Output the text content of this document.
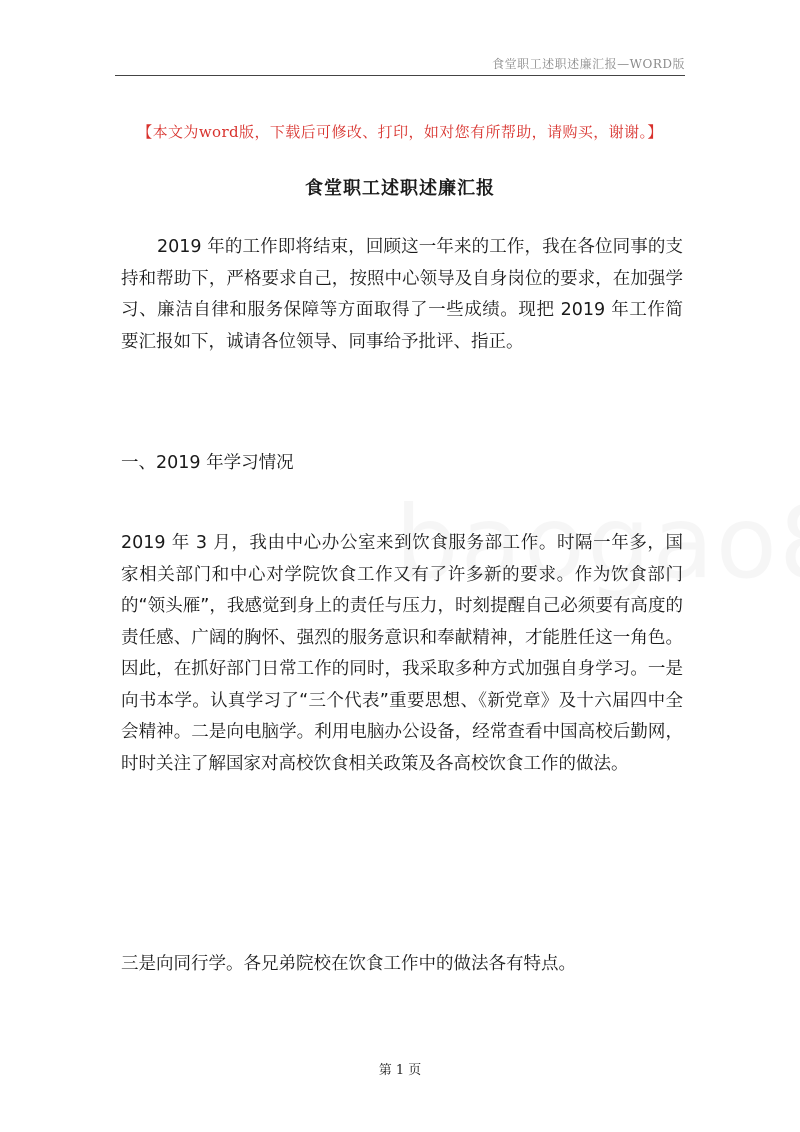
食堂职工述职述廉汇报—WORD版
【本文为word版，下载后可修改、打印，如对您有所帮助，请购买，谢谢。】
食堂职工述职述廉汇报

2019 年的工作即将结束，回顾这一年来的工作，我在各位同事的支持和帮助下，严格要求自己，按照中心领导及自身岗位的要求，在加强学习、廉洁自律和服务保障等方面取得了一些成绩。现把 2019 年工作简要汇报如下，诚请各位领导、同事给予批评、指正。

一、2019 年学习情况

2019 年 3 月，我由中心办公室来到饮食服务部工作。时隔一年多，国家相关部门和中心对学院饮食工作又有了许多新的要求。作为饮食部门的“领头雁”，我感觉到身上的责任与压力，时刻提醒自己必须要有高度的责任感、广阔的胸怀、强烈的服务意识和奉献精神，才能胜任这一角色。因此，在抓好部门日常工作的同时，我采取多种方式加强自身学习。一是向书本学。认真学习了“三个代表”重要思想、《新党章》及十六届四中全会精神。二是向电脑学。利用电脑办公设备，经常查看中国高校后勤网，时时关注了解国家对高校饮食相关政策及各高校饮食工作的做法。

三是向同行学。各兄弟院校在饮食工作中的做法各有特点。

第 1 页
